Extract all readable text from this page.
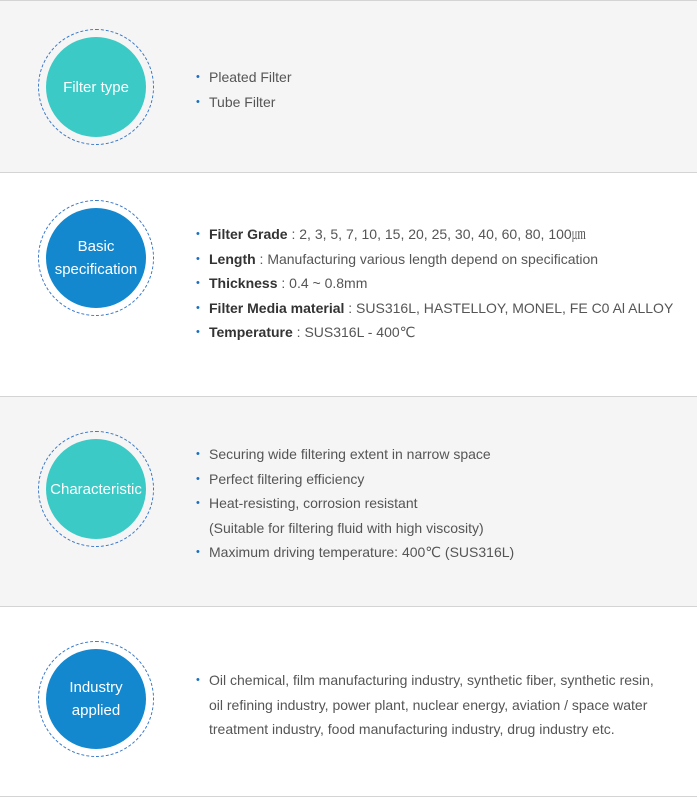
Filter type
• Pleated Filter
• Tube Filter
Basic
specification
• Filter Grade : 2, 3, 5, 7, 10, 15, 20, 25, 30, 40, 60, 80, 100㎛
• Length : Manufacturing various length depend on specification
• Thickness : 0.4 ~ 0.8mm
• Filter Media material : SUS316L, HASTELLOY, MONEL, FE C0 Al ALLOY
• Temperature : SUS316L - 400℃
Characteristic
• Securing wide filtering extent in narrow space
• Perfect filtering efficiency
• Heat-resisting, corrosion resistant
(Suitable for filtering fluid with high viscosity)
• Maximum driving temperature: 400℃ (SUS316L)
Industry
applied
• Oil chemical, film manufacturing industry, synthetic fiber, synthetic resin,
oil refining industry, power plant, nuclear energy, aviation / space water
treatment industry, food manufacturing industry, drug industry etc.
